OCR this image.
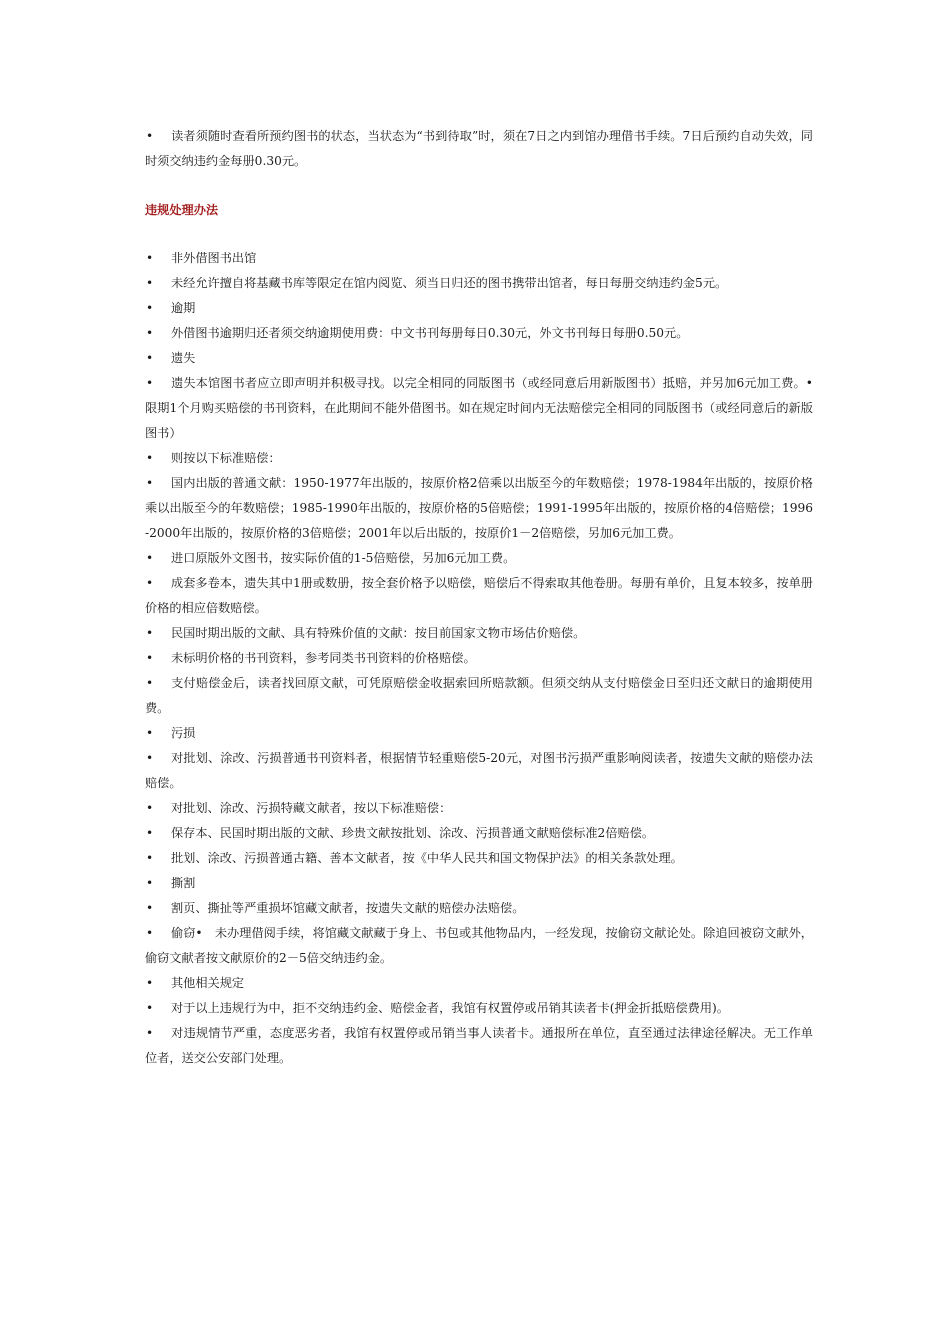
• 读者须随时查看所预约图书的状态，当状态为“书到待取”时，须在7日之内到馆办理借书手续。7日后预约自动失效，同时须交纳违约金每册0.30元。

违规处理办法

• 非外借图书出馆

• 未经允许擅自将基藏书库等限定在馆内阅览、须当日归还的图书携带出馆者，每日每册交纳违约金5元。

• 逾期

• 外借图书逾期归还者须交纳逾期使用费：中文书刊每册每日0.30元，外文书刊每日每册0.50元。

• 遗失

• 遗失本馆图书者应立即声明并积极寻找。以完全相同的同版图书（或经同意后用新版图书）抵赔，并另加6元加工费。•　限期1个月购买赔偿的书刊资料，在此期间不能外借图书。如在规定时间内无法赔偿完全相同的同版图书（或经同意后的新版图书）

• 则按以下标准赔偿：

• 国内出版的普通文献：1950-1977年出版的，按原价格2倍乘以出版至今的年数赔偿；1978-1984年出版的，按原价格乘以出版至今的年数赔偿；1985-1990年出版的，按原价格的5倍赔偿；1991-1995年出版的，按原价格的4倍赔偿；1996-2000年出版的，按原价格的3倍赔偿；2001年以后出版的，按原价1－2倍赔偿，另加6元加工费。

• 进口原版外文图书，按实际价值的1-5倍赔偿，另加6元加工费。

• 成套多卷本，遗失其中1册或数册，按全套价格予以赔偿，赔偿后不得索取其他卷册。每册有单价，且复本较多，按单册价格的相应倍数赔偿。

• 民国时期出版的文献、具有特殊价值的文献：按目前国家文物市场估价赔偿。

• 未标明价格的书刊资料，参考同类书刊资料的价格赔偿。

• 支付赔偿金后，读者找回原文献，可凭原赔偿金收据索回所赔款额。但须交纳从支付赔偿金日至归还文献日的逾期使用费。

• 污损

• 对批划、涂改、污损普通书刊资料者，根据情节轻重赔偿5-20元，对图书污损严重影响阅读者，按遗失文献的赔偿办法赔偿。

• 对批划、涂改、污损特藏文献者，按以下标准赔偿：

• 保存本、民国时期出版的文献、珍贵文献按批划、涂改、污损普通文献赔偿标准2倍赔偿。

• 批划、涂改、污损普通古籍、善本文献者，按《中华人民共和国文物保护法》的相关条款处理。

• 撕割

• 割页、撕扯等严重损坏馆藏文献者，按遗失文献的赔偿办法赔偿。

• 偷窃•　未办理借阅手续，将馆藏文献藏于身上、书包或其他物品内，一经发现，按偷窃文献论处。除追回被窃文献外，偷窃文献者按文献原价的2－5倍交纳违约金。

• 其他相关规定

• 对于以上违规行为中，拒不交纳违约金、赔偿金者，我馆有权置停或吊销其读者卡(押金折抵赔偿费用)。

• 对违规情节严重，态度恶劣者，我馆有权置停或吊销当事人读者卡。通报所在单位，直至通过法律途径解决。无工作单位者，送交公安部门处理。
